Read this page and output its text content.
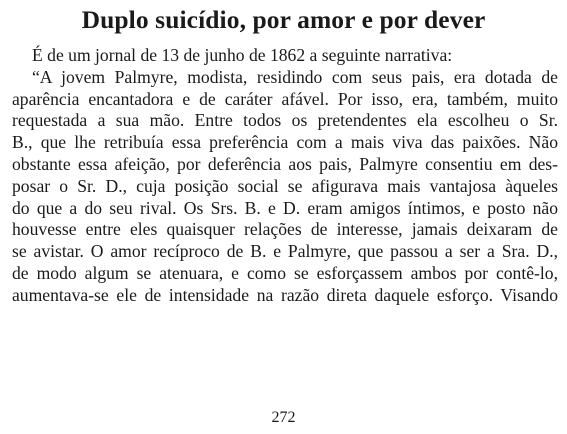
Duplo suicídio, por amor e por dever
É de um jornal de 13 de junho de 1862 a seguinte narrativa:
“A jovem Palmyre, modista, residindo com seus pais, era dotada de
aparência encantadora e de caráter afável. Por isso, era, também, muito
requestada a sua mão. Entre todos os pretendentes ela escolheu o Sr.
B., que lhe retribuía essa preferência com a mais viva das paixões. Não
obstante essa afeição, por deferência aos pais, Palmyre consentiu em des-
posar o Sr. D., cuja posição social se afigurava mais vantajosa àqueles
do que a do seu rival. Os Srs. B. e D. eram amigos íntimos, e posto não
houvesse entre eles quaisquer relações de interesse, jamais deixaram de
se avistar. O amor recíproco de B. e Palmyre, que passou a ser a Sra. D.,
de modo algum se atenuara, e como se esforçassem ambos por contê-lo,
aumentava-se ele de intensidade na razão direta daquele esforço. Visando
272
